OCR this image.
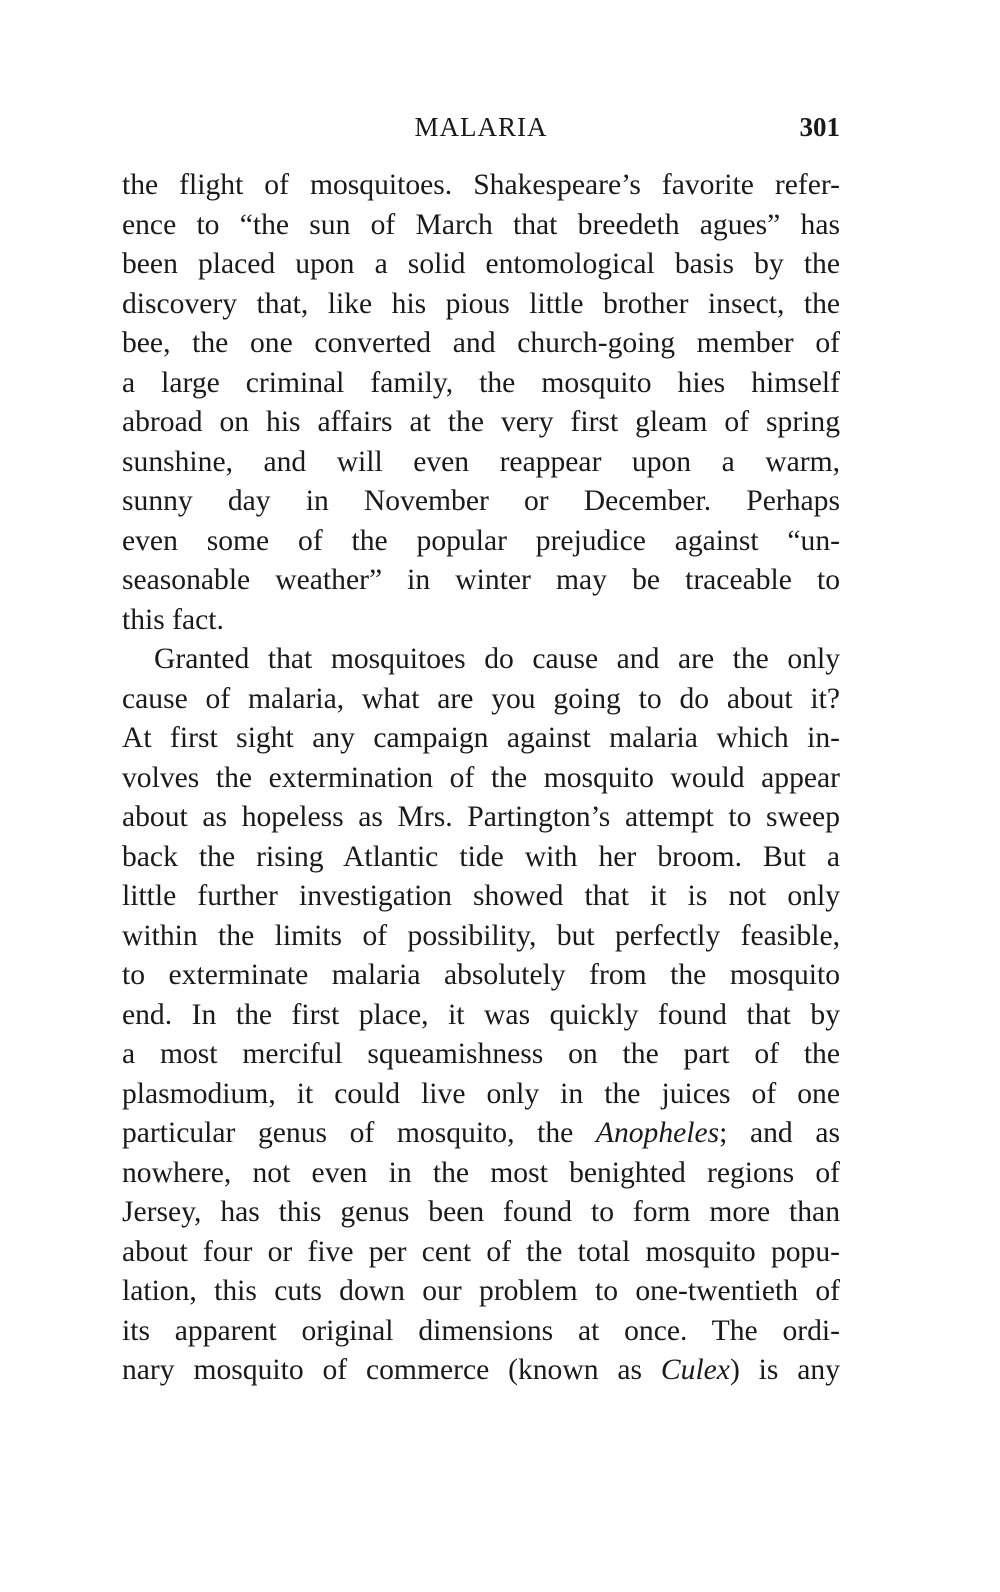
MALARIA	301
the flight of mosquitoes. Shakespeare’s favorite refer-
ence to “the sun of March that breedeth agues” has
been placed upon a solid entomological basis by the
discovery that, like his pious little brother insect, the
bee, the one converted and church-going member of
a large criminal family, the mosquito hies himself
abroad on his affairs at the very first gleam of spring
sunshine, and will even reappear upon a warm,
sunny day in November or December. Perhaps
even some of the popular prejudice against “un-
seasonable weather” in winter may be traceable to
this fact.
Granted that mosquitoes do cause and are the only
cause of malaria, what are you going to do about it?
At first sight any campaign against malaria which in-
volves the extermination of the mosquito would appear
about as hopeless as Mrs. Partington’s attempt to sweep
back the rising Atlantic tide with her broom. But a
little further investigation showed that it is not only
within the limits of possibility, but perfectly feasible,
to exterminate malaria absolutely from the mosquito
end. In the first place, it was quickly found that by
a most merciful squeamishness on the part of the
plasmodium, it could live only in the juices of one
particular genus of mosquito, the Anopheles; and as
nowhere, not even in the most benighted regions of
Jersey, has this genus been found to form more than
about four or five per cent of the total mosquito popu-
lation, this cuts down our problem to one-twentieth of
its apparent original dimensions at once. The ordi-
nary mosquito of commerce (known as Culex) is any
